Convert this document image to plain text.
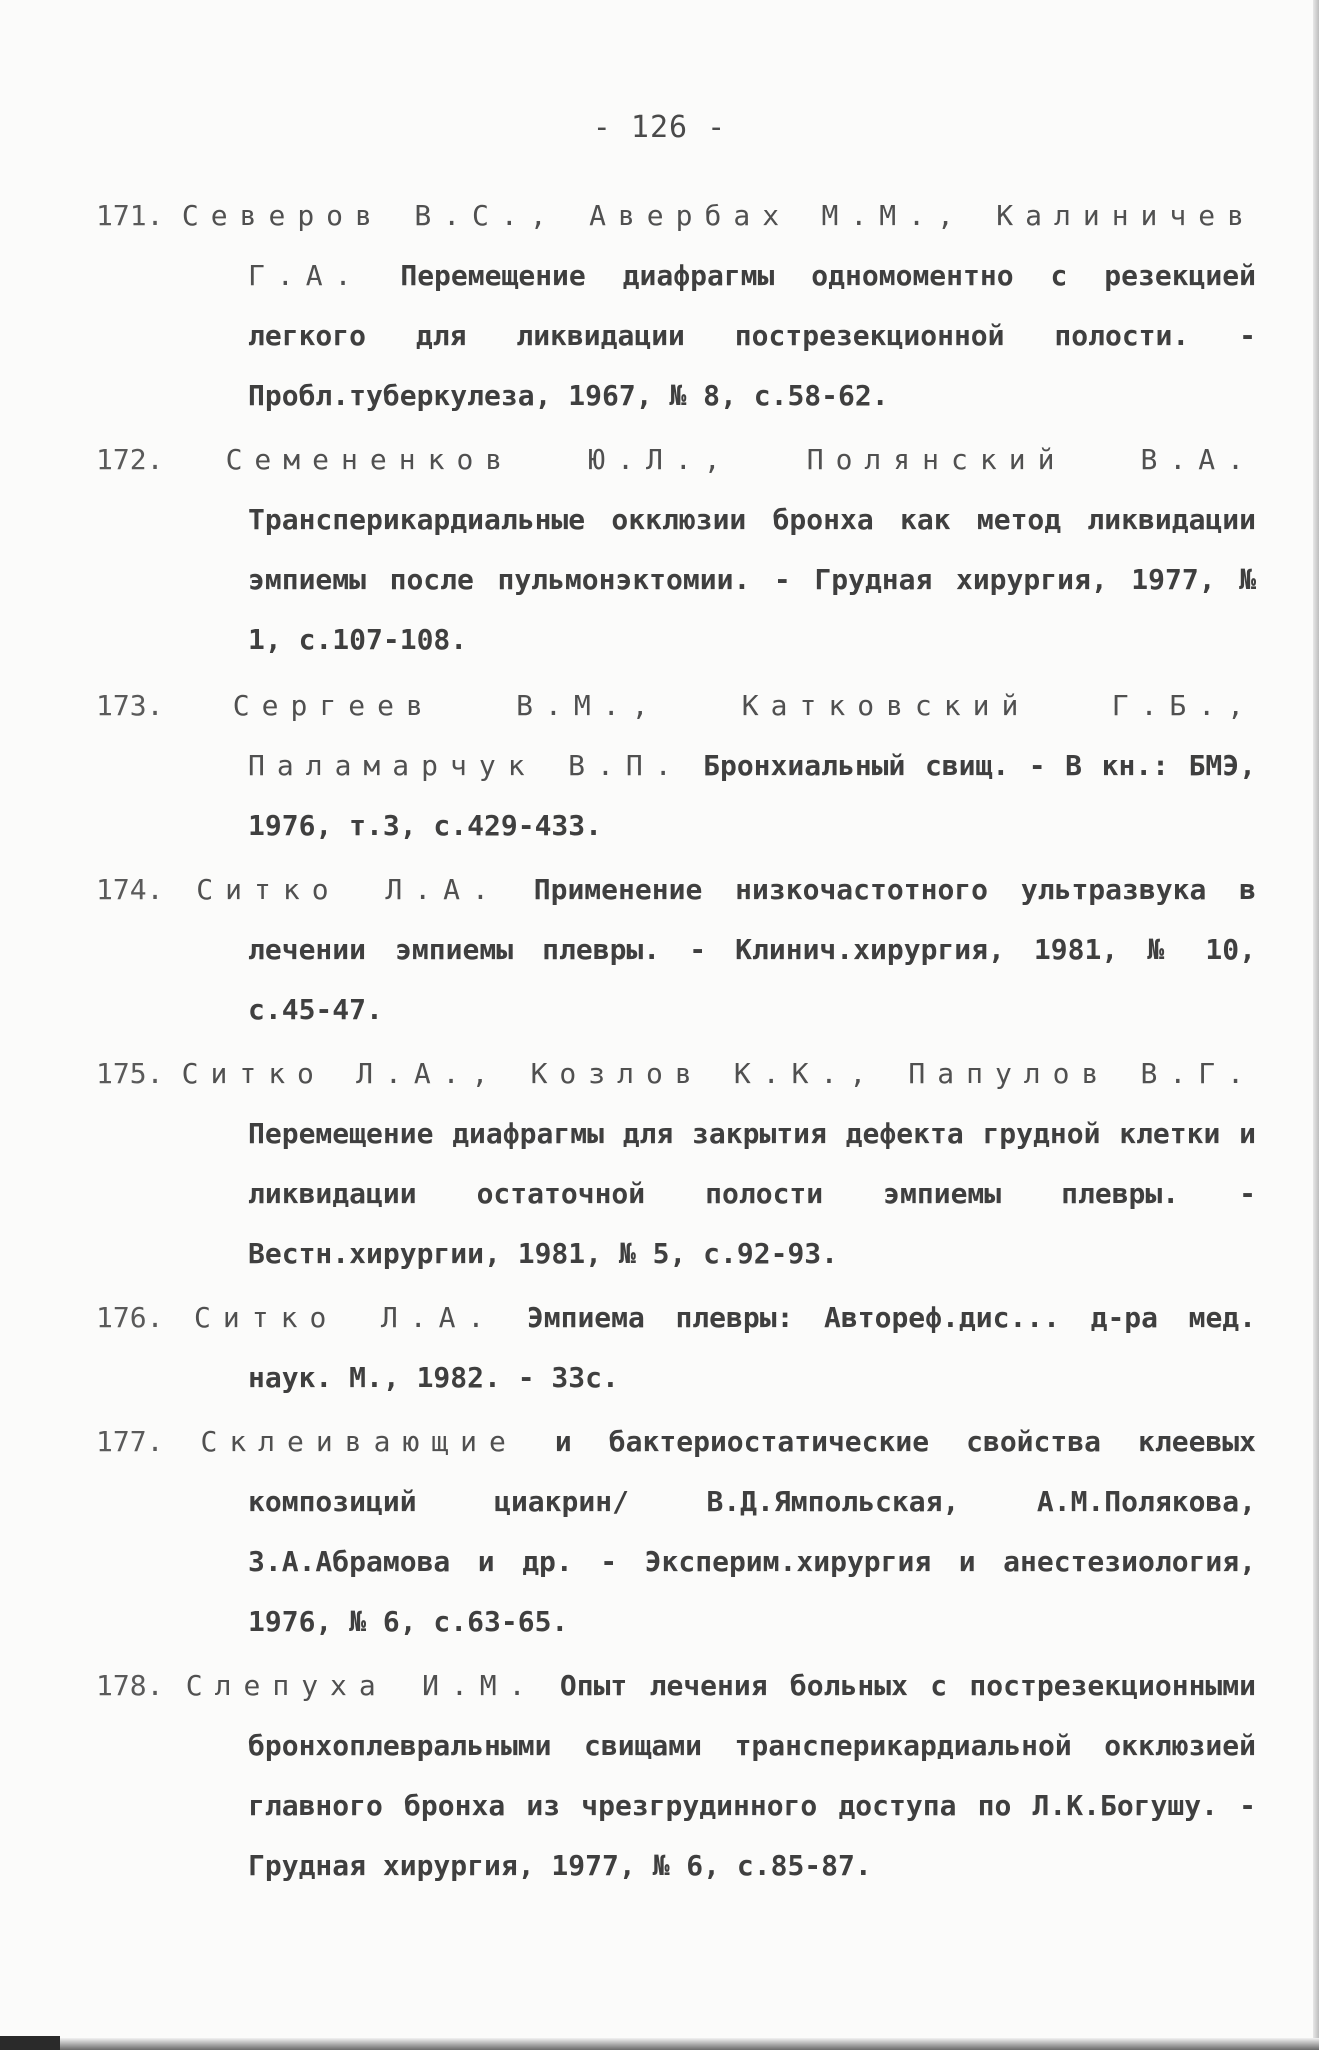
- 126 -
171. Северов В.С., Авербах М.М., Калиничев Г.А. Перемещение диафрагмы одномоментно с резекцией легкого для ликвидации пострезекционной полости. - Пробл.туберкулеза, 1967, № 8, с.58-62.
172. Семененков Ю.Л., Полянский В.А. Трансперикардиальные окклюзии бронха как метод ликвидации эмпиемы после пульмонэктомии. - Грудная хирургия, 1977, № 1, с.107-108.
173. Сергеев В.М., Катковский Г.Б., Паламарчук В.П. Бронхиальный свищ. - В кн.: БМЭ, 1976, т.3, с.429-433.
174. Ситко Л.А. Применение низкочастотного ультразвука в лечении эмпиемы плевры. - Клинич.хирургия, 1981, № 10, с.45-47.
175. Ситко Л.А., Козлов К.К., Папулов В.Г. Перемещение диафрагмы для закрытия дефекта грудной клетки и ликвидации остаточной полости эмпиемы плевры. - Вестн.хирургии, 1981, № 5, с.92-93.
176. Ситко Л.А. Эмпиема плевры: Автореф.дис... д-ра мед. наук. М., 1982. - 33с.
177. Склеивающие и бактериостатические свойства клеевых композиций циакрин/ В.Д.Ямпольская, А.М.Полякова, З.А.Абрамова и др. - Эксперим.хирургия и анестезиология, 1976, № 6, с.63-65.
178. Слепуха И.М. Опыт лечения больных с пострезекционными бронхоплевральными свищами трансперикардиальной окклюзией главного бронха из чрезгрудинного доступа по Л.К.Богушу. - Грудная хирургия, 1977, № 6, с.85-87.
